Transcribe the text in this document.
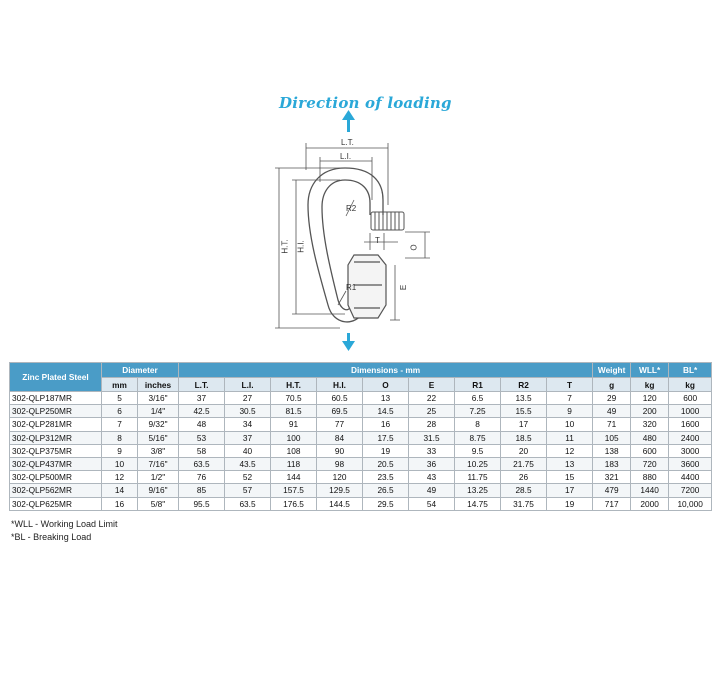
Direction of loading
L.T.
L.I.
H.T. H.I.
R2
R1
T
O
E
Zinc Plated Steel	Diameter		Dimensions - mm									Weight	WLL*	BL*
	mm	inches	L.T.	L.I.	H.T.	H.I.	O	E	R1	R2	T	g	kg	kg
302-QLP187MR	5	3/16"	37	27	70.5	60.5	13	22	6.5	13.5	7	29	120	600
302-QLP250MR	6	1/4"	42.5	30.5	81.5	69.5	14.5	25	7.25	15.5	9	49	200	1000
302-QLP281MR	7	9/32"	48	34	91	77	16	28	8	17	10	71	320	1600
302-QLP312MR	8	5/16"	53	37	100	84	17.5	31.5	8.75	18.5	11	105	480	2400
302-QLP375MR	9	3/8"	58	40	108	90	19	33	9.5	20	12	138	600	3000
302-QLP437MR	10	7/16"	63.5	43.5	118	98	20.5	36	10.25	21.75	13	183	720	3600
302-QLP500MR	12	1/2"	76	52	144	120	23.5	43	11.75	26	15	321	880	4400
302-QLP562MR	14	9/16"	85	57	157.5	129.5	26.5	49	13.25	28.5	17	479	1440	7200
302-QLP625MR	16	5/8"	95.5	63.5	176.5	144.5	29.5	54	14.75	31.75	19	717	2000	10,000
*WLL - Working Load Limit
*BL - Breaking Load
